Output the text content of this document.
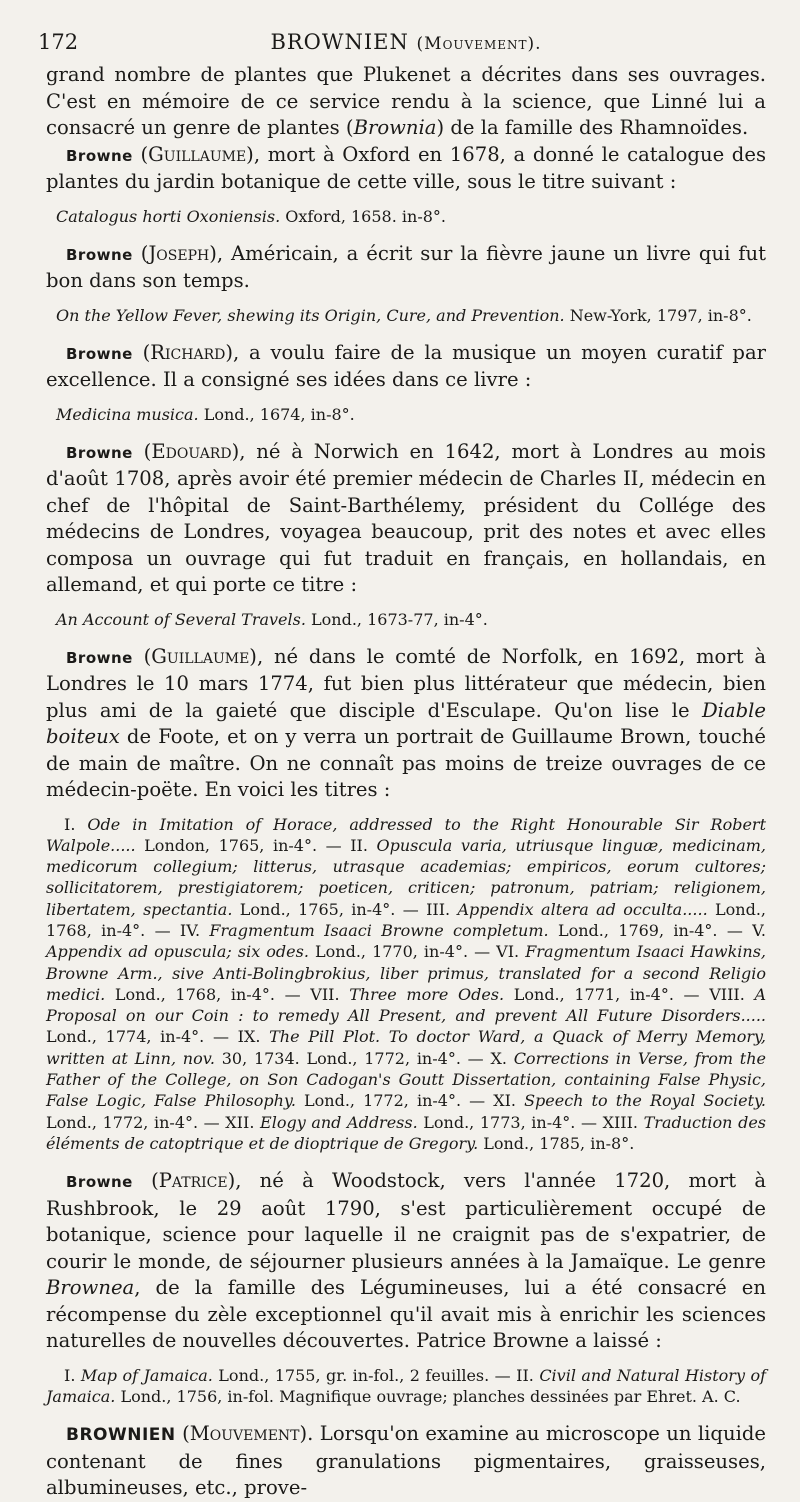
172	BROWNIEN (Mouvement).

grand nombre de plantes que Plukenet a décrites dans ses ouvrages. C'est en mémoire de ce service rendu à la science, que Linné lui a consacré un genre de plantes (Brownia) de la famille des Rhamnoïdes.

Browne (Guillaume), mort à Oxford en 1678, a donné le catalogue des plantes du jardin botanique de cette ville, sous le titre suivant :

Catalogus horti Oxoniensis. Oxford, 1658. in-8°.

Browne (Joseph), Américain, a écrit sur la fièvre jaune un livre qui fut bon dans son temps.

On the Yellow Fever, shewing its Origin, Cure, and Prevention. New-York, 1797, in-8°.

Browne (Richard), a voulu faire de la musique un moyen curatif par excellence. Il a consigné ses idées dans ce livre :

Medicina musica. Lond., 1674, in-8°.

Browne (Edouard), né à Norwich en 1642, mort à Londres au mois d'août 1708, après avoir été premier médecin de Charles II, médecin en chef de l'hôpital de Saint-Barthélemy, président du Collége des médecins de Londres, voyagea beaucoup, prit des notes et avec elles composa un ouvrage qui fut traduit en français, en hollandais, en allemand, et qui porte ce titre :

An Account of Several Travels. Lond., 1673-77, in-4°.

Browne (Guillaume), né dans le comté de Norfolk, en 1692, mort à Londres le 10 mars 1774, fut bien plus littérateur que médecin, bien plus ami de la gaieté que disciple d'Esculape. Qu'on lise le Diable boiteux de Foote, et on y verra un portrait de Guillaume Brown, touché de main de maître. On ne connaît pas moins de treize ouvrages de ce médecin-poëte. En voici les titres :

I. Ode in Imitation of Horace, addressed to the Right Honourable Sir Robert Walpole..... London, 1765, in-4°. — II. Opuscula varia, utriusque linguæ, medicinam, medicorum collegium; litterus, utrasque academias; empiricos, eorum cultores; sollicitatorem, prestigiatorem; poeticen, criticen; patronum, patriam; religionem, libertatem, spectantia. Lond., 1765, in-4°. — III. Appendix altera ad occulta..... Lond., 1768, in-4°. — IV. Fragmentum Isaaci Browne completum. Lond., 1769, in-4°. — V. Appendix ad opuscula; six odes. Lond., 1770, in-4°. — VI. Fragmentum Isaaci Hawkins, Browne Arm., sive Anti-Bolingbrokius, liber primus, translated for a second Religio medici. Lond., 1768, in-4°. — VII. Three more Odes. Lond., 1771, in-4°. — VIII. A Proposal on our Coin : to remedy All Present, and prevent All Future Disorders..... Lond., 1774, in-4°. — IX. The Pill Plot. To doctor Ward, a Quack of Merry Memory, written at Linn, nov. 30, 1734. Lond., 1772, in-4°. — X. Corrections in Verse, from the Father of the College, on Son Cadogan's Goutt Dissertation, containing False Physic, False Logic, False Philosophy. Lond., 1772, in-4°. — XI. Speech to the Royal Society. Lond., 1772, in-4°. — XII. Elogy and Address. Lond., 1773, in-4°. — XIII. Traduction des éléments de catoptrique et de dioptrique de Gregory. Lond., 1785, in-8°.

Browne (Patrice), né à Woodstock, vers l'année 1720, mort à Rushbrook, le 29 août 1790, s'est particulièrement occupé de botanique, science pour laquelle il ne craignit pas de s'expatrier, de courir le monde, de séjourner plusieurs années à la Jamaïque. Le genre Brownea, de la famille des Légumineuses, lui a été consacré en récompense du zèle exceptionnel qu'il avait mis à enrichir les sciences naturelles de nouvelles découvertes. Patrice Browne a laissé :

I. Map of Jamaica. Lond., 1755, gr. in-fol., 2 feuilles. — II. Civil and Natural History of Jamaica. Lond., 1756, in-fol. Magnifique ouvrage; planches dessinées par Ehret. A. C.

BROWNIEN (Mouvement). Lorsqu'on examine au microscope un liquide contenant de fines granulations pigmentaires, graisseuses, albumineuses, etc., prove-
